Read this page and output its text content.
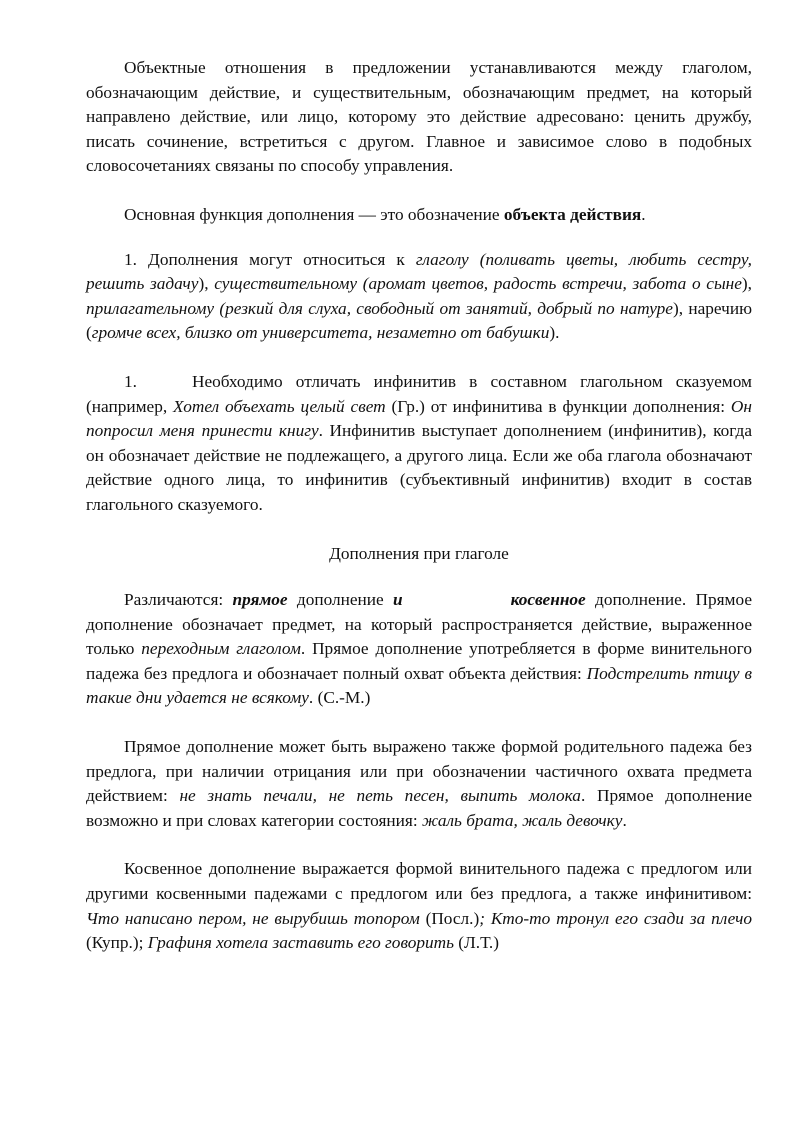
Объектные отношения в предложении устанавливаются между глаголом, обозначающим действие, и существительным, обозначающим предмет, на который направлено действие, или лицо, которому это действие адресовано: ценить дружбу, писать сочинение, встретиться с другом. Главное и зависимое слово в подобных словосочетаниях связаны по способу управления.

Основная функция дополнения — это обозначение объекта действия.

1. Дополнения могут относиться к глаголу (поливать цветы, любить сестру, решить задачу), существительному (аромат цветов, радость встречи, забота о сыне), прилагательному (резкий для слуха, свободный от занятий, добрый по натуре), наречию (громче всех, близко от университета, незаметно от бабушки).

1.	Необходимо отличать инфинитив в составном глагольном сказуемом (например, Хотел объехать целый свет (Гр.) от инфинитива в функции дополнения: Он попросил меня принести книгу. Инфинитив выступает дополнением (инфинитив), когда он обозначает действие не подлежащего, а другого лица. Если же оба глагола обозначают действие одного лица, то инфинитив (субъективный инфинитив) входит в состав глагольного сказуемого.

Дополнения при глаголе

Различаются: прямое дополнение и	косвенное дополнение. Прямое дополнение обозначает предмет, на который распространяется действие, выраженное только переходным глаголом. Прямое дополнение употребляется в форме винительного падежа без предлога и обозначает полный охват объекта действия: Подстрелить птицу в такие дни удается не всякому. (С.-М.)

Прямое дополнение может быть выражено также формой родительного падежа без предлога, при наличии отрицания или при обозначении частичного охвата предмета действием: не знать печали, не петь песен, выпить молока. Прямое дополнение возможно и при словах категории состояния: жаль брата, жаль девочку.

Косвенное дополнение выражается формой винительного падежа с предлогом или другими косвенными падежами с предлогом или без предлога, а также инфинитивом: Что написано пером, не вырубишь топором (Посл.); Кто-то тронул его сзади за плечо (Купр.); Графиня хотела заставить его говорить (Л.Т.)
